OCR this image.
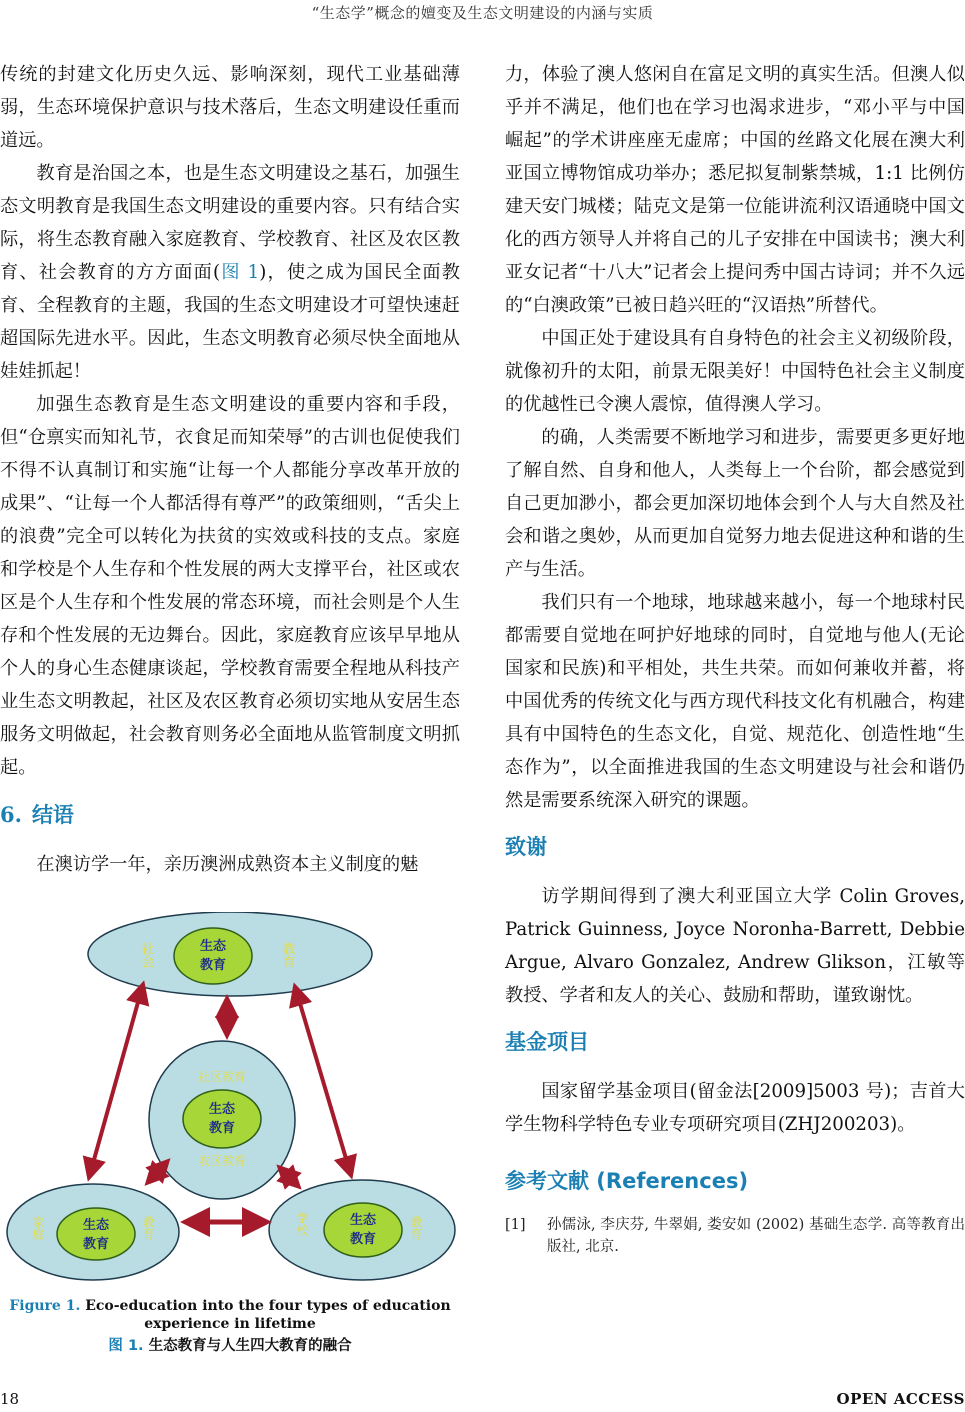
“生态学”概念的嬗变及生态文明建设的内涵与实质

传统的封建文化历史久远、影响深刻，现代工业基础薄弱，生态环境保护意识与技术落后，生态文明建设任重而道远。

教育是治国之本，也是生态文明建设之基石，加强生态文明教育是我国生态文明建设的重要内容。只有结合实际，将生态教育融入家庭教育、学校教育、社区及农区教育、社会教育的方方面面(图 1)，使之成为国民全面教育、全程教育的主题，我国的生态文明建设才可望快速赶超国际先进水平。因此，生态文明教育必须尽快全面地从娃娃抓起！

加强生态教育是生态文明建设的重要内容和手段，但“仓禀实而知礼节，衣食足而知荣辱”的古训也促使我们不得不认真制订和实施“让每一个人都能分享改革开放的成果”、“让每一个人都活得有尊严”的政策细则，“舌尖上的浪费”完全可以转化为扶贫的实效或科技的支点。家庭和学校是个人生存和个性发展的两大支撑平台，社区或农区是个人生存和个性发展的常态环境，而社会则是个人生存和个性发展的无边舞台。因此，家庭教育应该早早地从个人的身心生态健康谈起，学校教育需要全程地从科技产业生态文明教起，社区及农区教育必须切实地从安居生态服务文明做起，社会教育则务必全面地从监管制度文明抓起。

6. 结语

在澳访学一年，亲历澳洲成熟资本主义制度的魅

社会	教育
生态
教育
社区教育
农区教育
生态
教育
家庭	教育
生态
教育
学校	教育
生态
教育
Figure 1. Eco-education into the four types of education experience in lifetime
图 1. 生态教育与人生四大教育的融合

力，体验了澳人悠闲自在富足文明的真实生活。但澳人似乎并不满足，他们也在学习也渴求进步，“邓小平与中国崛起”的学术讲座座无虚席；中国的丝路文化展在澳大利亚国立博物馆成功举办；悉尼拟复制紫禁城，1:1 比例仿建天安门城楼；陆克文是第一位能讲流利汉语通晓中国文化的西方领导人并将自己的儿子安排在中国读书；澳大利亚女记者“十八大”记者会上提问秀中国古诗词；并不久远的“白澳政策”已被日趋兴旺的“汉语热”所替代。

中国正处于建设具有自身特色的社会主义初级阶段，就像初升的太阳，前景无限美好！中国特色社会主义制度的优越性已令澳人震惊，值得澳人学习。

的确，人类需要不断地学习和进步，需要更多更好地了解自然、自身和他人，人类每上一个台阶，都会感觉到自己更加渺小，都会更加深切地体会到个人与大自然及社会和谐之奥妙，从而更加自觉努力地去促进这种和谐的生产与生活。

我们只有一个地球，地球越来越小，每一个地球村民都需要自觉地在呵护好地球的同时，自觉地与他人(无论国家和民族)和平相处，共生共荣。而如何兼收并蓄，将中国优秀的传统文化与西方现代科技文化有机融合，构建具有中国特色的生态文化，自觉、规范化、创造性地“生态作为”，以全面推进我国的生态文明建设与社会和谐仍然是需要系统深入研究的课题。

致谢

访学期间得到了澳大利亚国立大学 Colin Groves, Patrick Guinness, Joyce Noronha-Barrett, Debbie Argue, Alvaro Gonzalez, Andrew Glikson，江敏等教授、学者和友人的关心、鼓励和帮助，谨致谢忱。

基金项目

国家留学基金项目(留金法[2009]5003 号)；吉首大学生物科学特色专业专项研究项目(ZHJ200203)。

参考文献 (References)
[1]	孙儒泳, 李庆芬, 牛翠娟, 娄安如 (2002) 基础生态学. 高等教育出版社, 北京.
18	OPEN ACCESS
